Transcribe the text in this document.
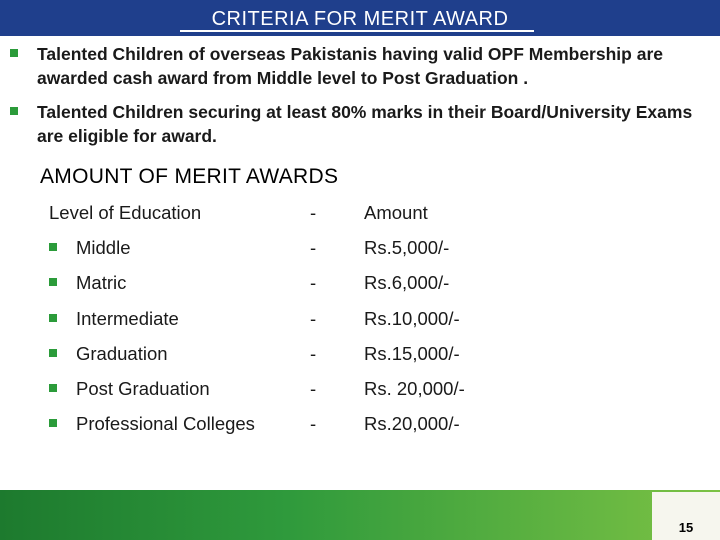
CRITERIA FOR MERIT AWARD
Talented Children of overseas Pakistanis having valid OPF Membership are awarded cash award from Middle level to Post Graduation .
Talented Children securing at least 80% marks in their Board/University Exams are eligible for award.
AMOUNT OF MERIT AWARDS
Level of Education	-	Amount
Middle	-	Rs.5,000/-
Matric	-	Rs.6,000/-
Intermediate	-	Rs.10,000/-
Graduation	-	Rs.15,000/-
Post Graduation	-	Rs. 20,000/-
Professional Colleges	-	Rs.20,000/-
15
